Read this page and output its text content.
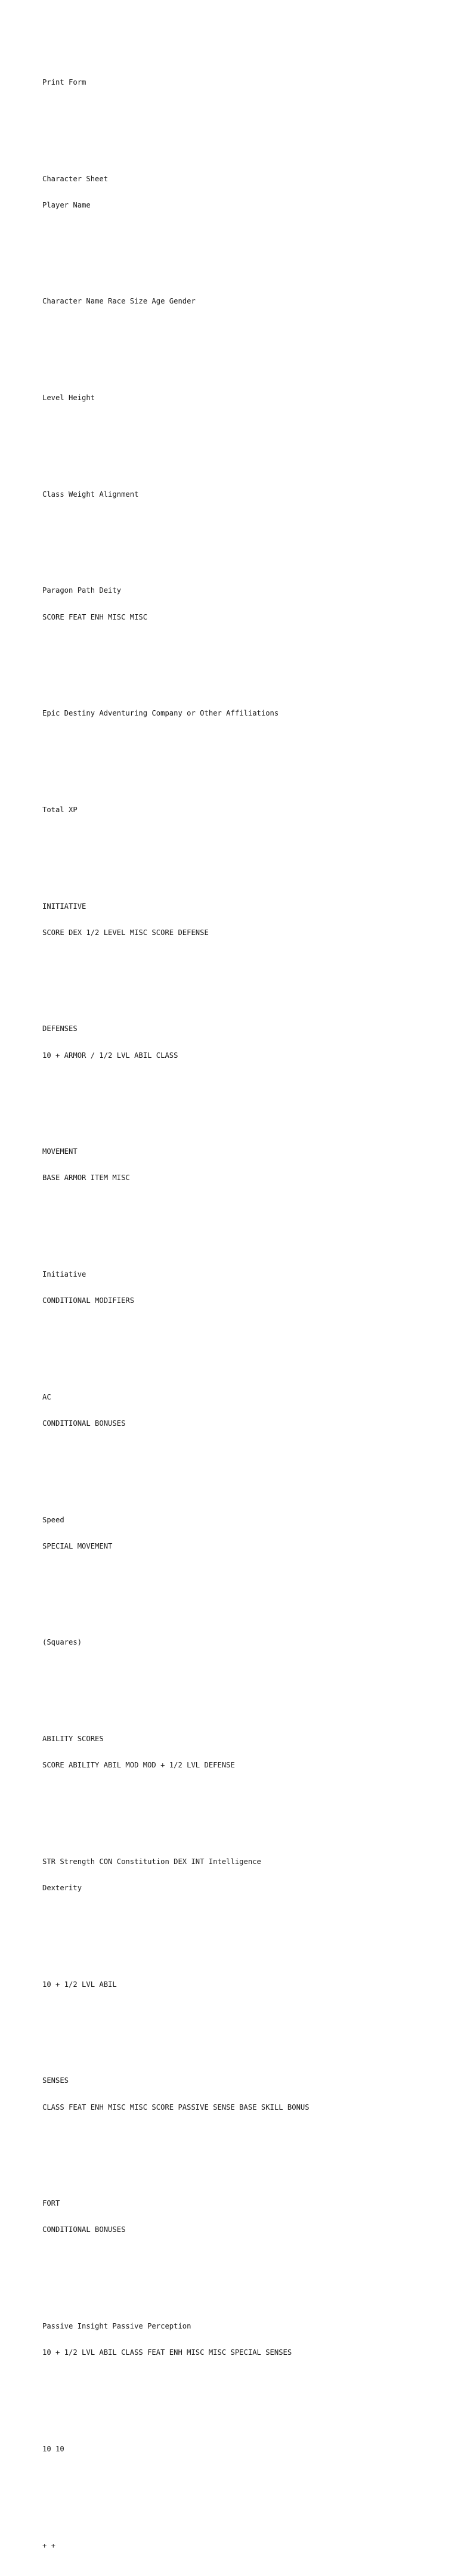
Print Form

Character Sheet

Player Name

Character Name Race Size Age Gender

Level Height

Class Weight Alignment

Paragon Path Deity

SCORE FEAT ENH MISC MISC

Epic Destiny Adventuring Company or Other Affiliations

Total XP

INITIATIVE

SCORE DEX 1/2 LEVEL MISC SCORE DEFENSE

DEFENSES

10 + ARMOR / 1/2 LVL ABIL CLASS

MOVEMENT

BASE ARMOR ITEM MISC

Initiative

CONDITIONAL MODIFIERS

AC

CONDITIONAL BONUSES

Speed

SPECIAL MOVEMENT

(Squares)

ABILITY SCORES

SCORE ABILITY ABIL MOD MOD + 1/2 LVL DEFENSE

STR Strength CON Constitution DEX INT Intelligence

Dexterity

10 + 1/2 LVL ABIL

SENSES

CLASS FEAT ENH MISC MISC SCORE PASSIVE SENSE BASE SKILL BONUS

FORT

CONDITIONAL BONUSES

Passive Insight Passive Perception

10 + 1/2 LVL ABIL CLASS FEAT ENH MISC MISC SPECIAL SENSES

10 10

+ +
